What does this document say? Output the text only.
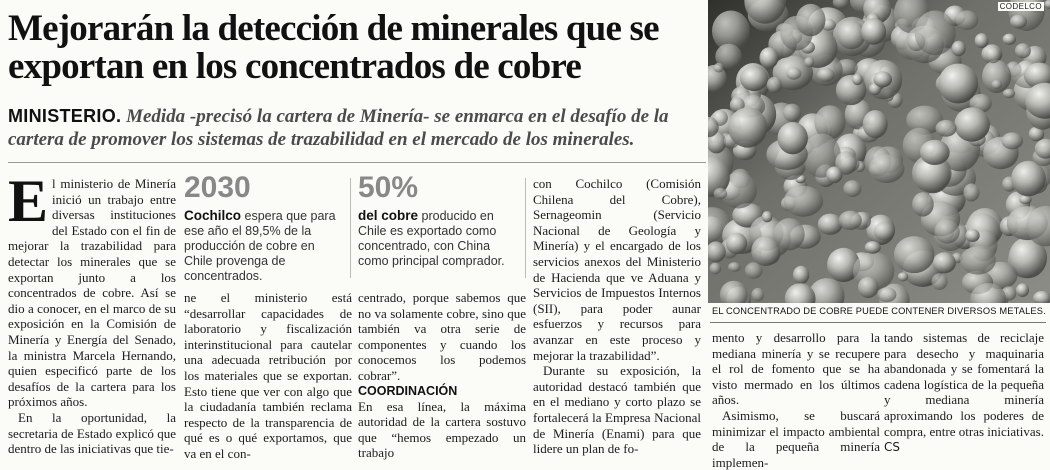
Mejorarán la detección de minerales que se exportan en los concentrados de cobre

MINISTERIO. Medida -precisó la cartera de Minería- se enmarca en el desafío de la cartera de promover los sistemas de trazabilidad en el mercado de los minerales.

El ministerio de Minería inició un trabajo entre diversas instituciones del Estado con el fin de mejorar la trazabilidad para detectar los minerales que se exportan junto a los concentrados de cobre. Así se dio a conocer, en el marco de su exposición en la Comisión de Minería y Energía del Senado, la ministra Marcela Hernando, quien especificó parte de los desafíos de la cartera para los próximos años.

En la oportunidad, la secretaria de Estado explicó que dentro de las iniciativas que tie-

2030

Cochilco espera que para ese año el 89,5% de la producción de cobre en Chile provenga de concentrados.

50%

del cobre producido en Chile es exportado como concentrado, con China como principal comprador.

ne el ministerio está “desarrollar capacidades de laboratorio y fiscalización interinstitucional para cautelar una adecuada retribución por los materiales que se exportan. Esto tiene que ver con algo que la ciudadanía también reclama respecto de la transparencia de qué es o qué exportamos, que va en el con-

centrado, porque sabemos que no va solamente cobre, sino que también va otra serie de componentes y cuando los conocemos los podemos cobrar”.

COORDINACIÓN

En esa línea, la máxima autoridad de la cartera sostuvo que “hemos empezado un trabajo

con Cochilco (Comisión Chilena del Cobre), Sernageomin (Servicio Nacional de Geología y Minería) y el encargado de los servicios anexos del Ministerio de Hacienda que ve Aduana y Servicios de Impuestos Internos (SII), para poder aunar esfuerzos y recursos para avanzar en este proceso y mejorar la trazabilidad”.

Durante su exposición, la autoridad destacó también que en el mediano y corto plazo se fortalecerá la Empresa Nacional de Minería (Enami) para que lidere un plan de fo-

CODELCO
EL CONCENTRADO DE COBRE PUEDE CONTENER DIVERSOS METALES.

mento y desarrollo para la mediana minería y se recupere el rol de fomento que se ha visto mermado en los últimos años.

Asimismo, se buscará minimizar el impacto ambiental de la pequeña minería implemen-

tando sistemas de reciclaje para desecho y maquinaria abandonada y se fomentará la cadena logística de la pequeña y mediana minería aproximando los poderes de compra, entre otras iniciativas. CS
